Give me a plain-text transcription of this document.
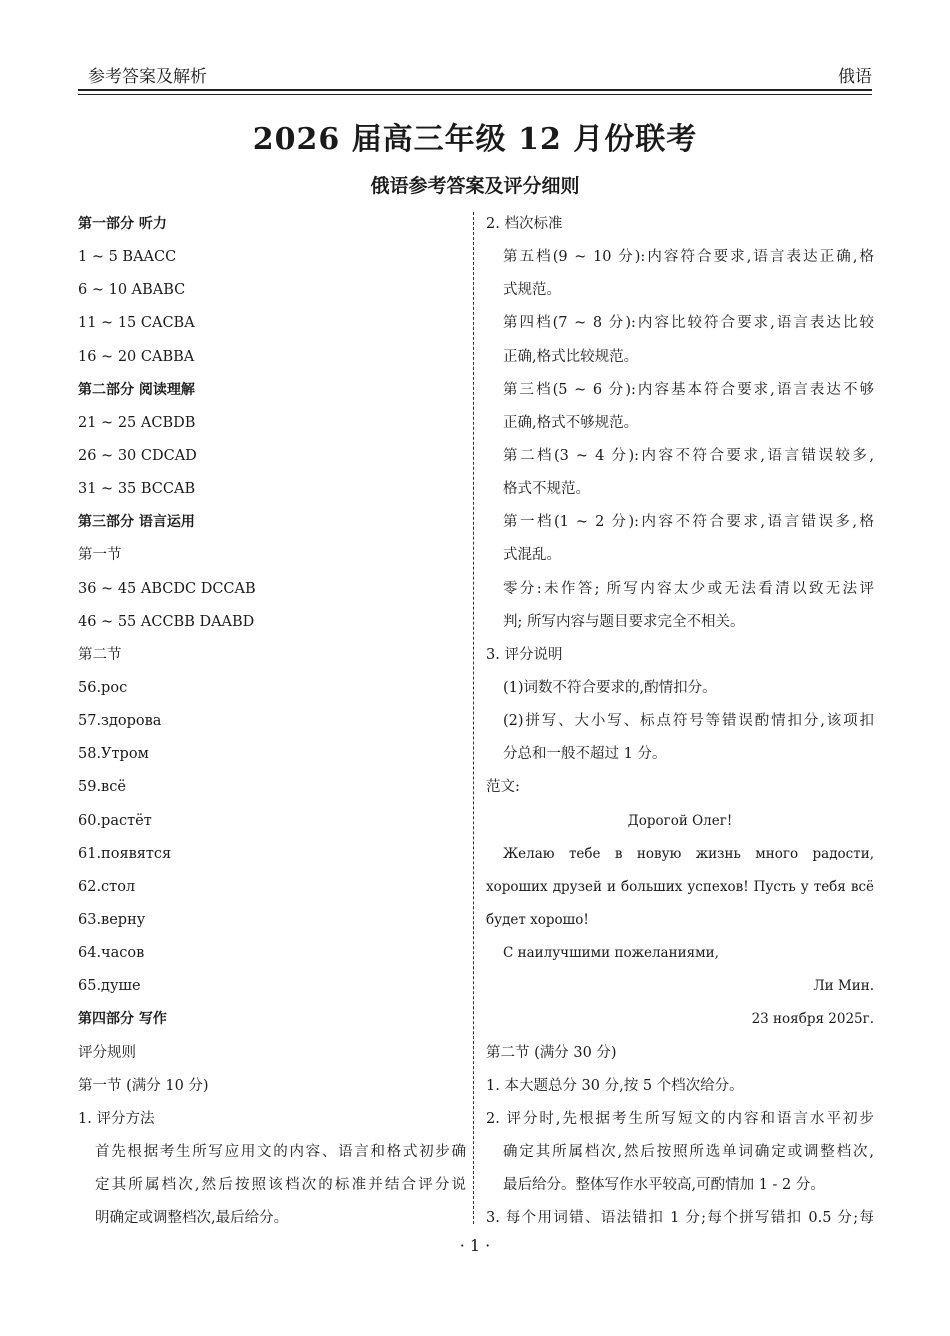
参考答案及解析	俄语
2026 届高三年级 12 月份联考
俄语参考答案及评分细则
第一部分 听力
1 ~ 5 BAACC
6 ~ 10 ABABC
11 ~ 15 CACBA
16 ~ 20 CABBA
第二部分 阅读理解
21 ~ 25 ACBDB
26 ~ 30 CDCAD
31 ~ 35 BCCAB
第三部分 语言运用
第一节
36 ~ 45 ABCDC DCCAB
46 ~ 55 ACCBB DAABD
第二节
56.рос
57.здорова
58.Утром
59.всё
60.растёт
61.появятся
62.стол
63.верну
64.часов
65.душе
第四部分 写作
评分规则
第一节 (满分 10 分)
1. 评分方法
首先根据考生所写应用文的内容、语言和格式初步确
定其所属档次,然后按照该档次的标准并结合评分说
明确定或调整档次,最后给分。
2. 档次标准
第五档(9 ~ 10 分):内容符合要求,语言表达正确,格
式规范。
第四档(7 ~ 8 分):内容比较符合要求,语言表达比较
正确,格式比较规范。
第三档(5 ~ 6 分):内容基本符合要求,语言表达不够
正确,格式不够规范。
第二档(3 ~ 4 分):内容不符合要求,语言错误较多,
格式不规范。
第一档(1 ~ 2 分):内容不符合要求,语言错误多,格
式混乱。
零分:未作答; 所写内容太少或无法看清以致无法评
判; 所写内容与题目要求完全不相关。
3. 评分说明
(1)词数不符合要求的,酌情扣分。
(2)拼写、大小写、标点符号等错误酌情扣分,该项扣
分总和一般不超过 1 分。
范文:
Дорогой Олег!
Желаю тебе в новую жизнь много радости,
хороших друзей и больших успехов! Пусть у тебя всё
будет хорошо!
С наилучшими пожеланиями,
Ли Мин.
23 ноября 2025г.
第二节 (满分 30 分)
1. 本大题总分 30 分,按 5 个档次给分。
2. 评分时,先根据考生所写短文的内容和语言水平初步
确定其所属档次,然后按照所选单词确定或调整档次,
最后给分。整体写作水平较高,可酌情加 1 - 2 分。
3. 每个用词错、语法错扣 1 分;每个拼写错扣 0.5 分;每
· 1 ·
